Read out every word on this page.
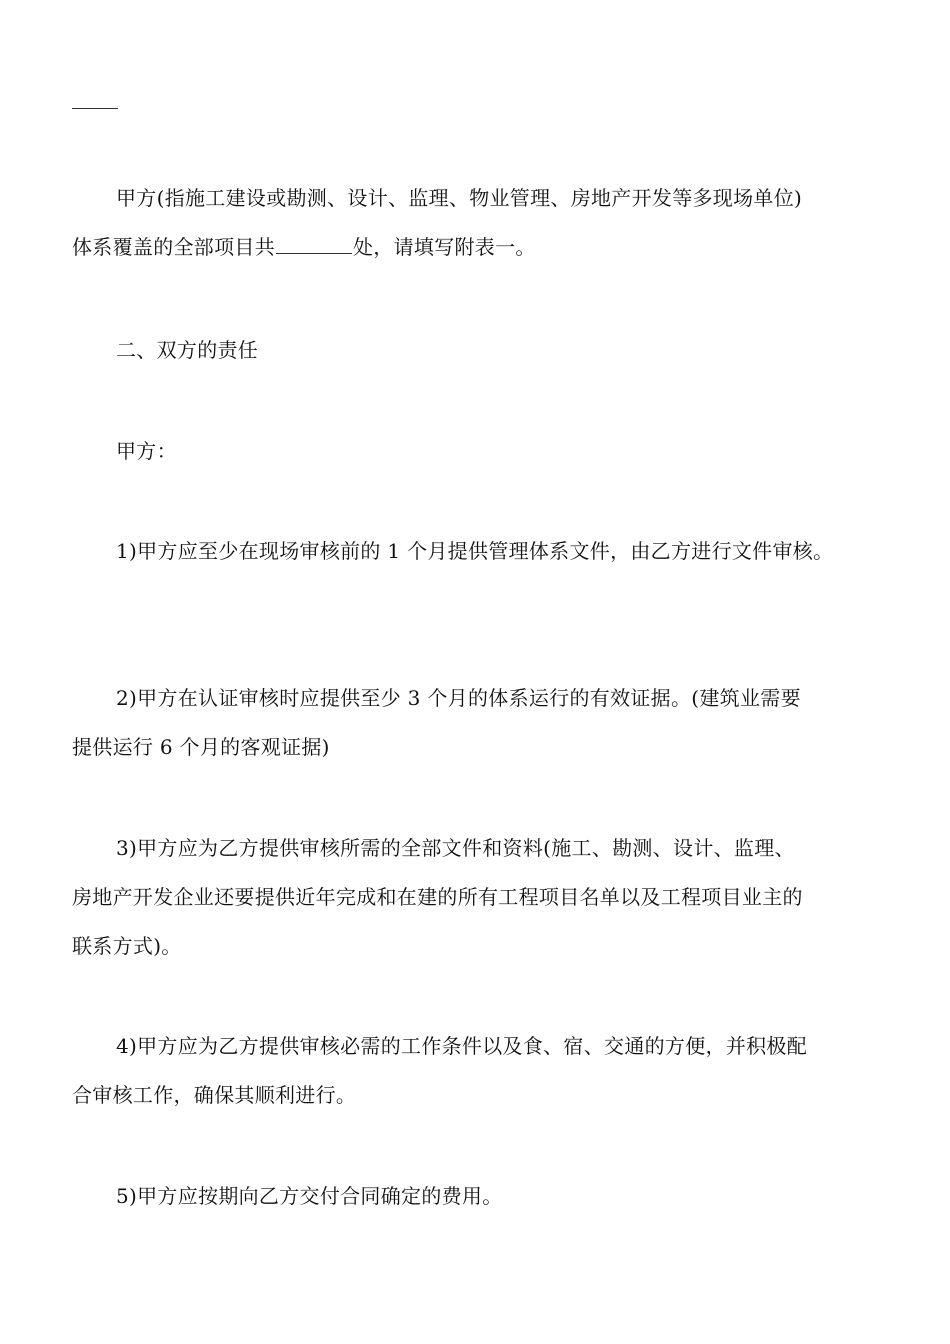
甲方(指施工建设或勘测、设计、监理、物业管理、房地产开发等多现场单位)
体系覆盖的全部项目共	处，请填写附表一。

二、双方的责任

甲方：

1)甲方应至少在现场审核前的 1 个月提供管理体系文件，由乙方进行文件审核。

2)甲方在认证审核时应提供至少 3 个月的体系运行的有效证据。(建筑业需要
提供运行 6 个月的客观证据)

3)甲方应为乙方提供审核所需的全部文件和资料(施工、勘测、设计、监理、
房地产开发企业还要提供近年完成和在建的所有工程项目名单以及工程项目业主的
联系方式)。

4)甲方应为乙方提供审核必需的工作条件以及食、宿、交通的方便，并积极配
合审核工作，确保其顺利进行。

5)甲方应按期向乙方交付合同确定的费用。
